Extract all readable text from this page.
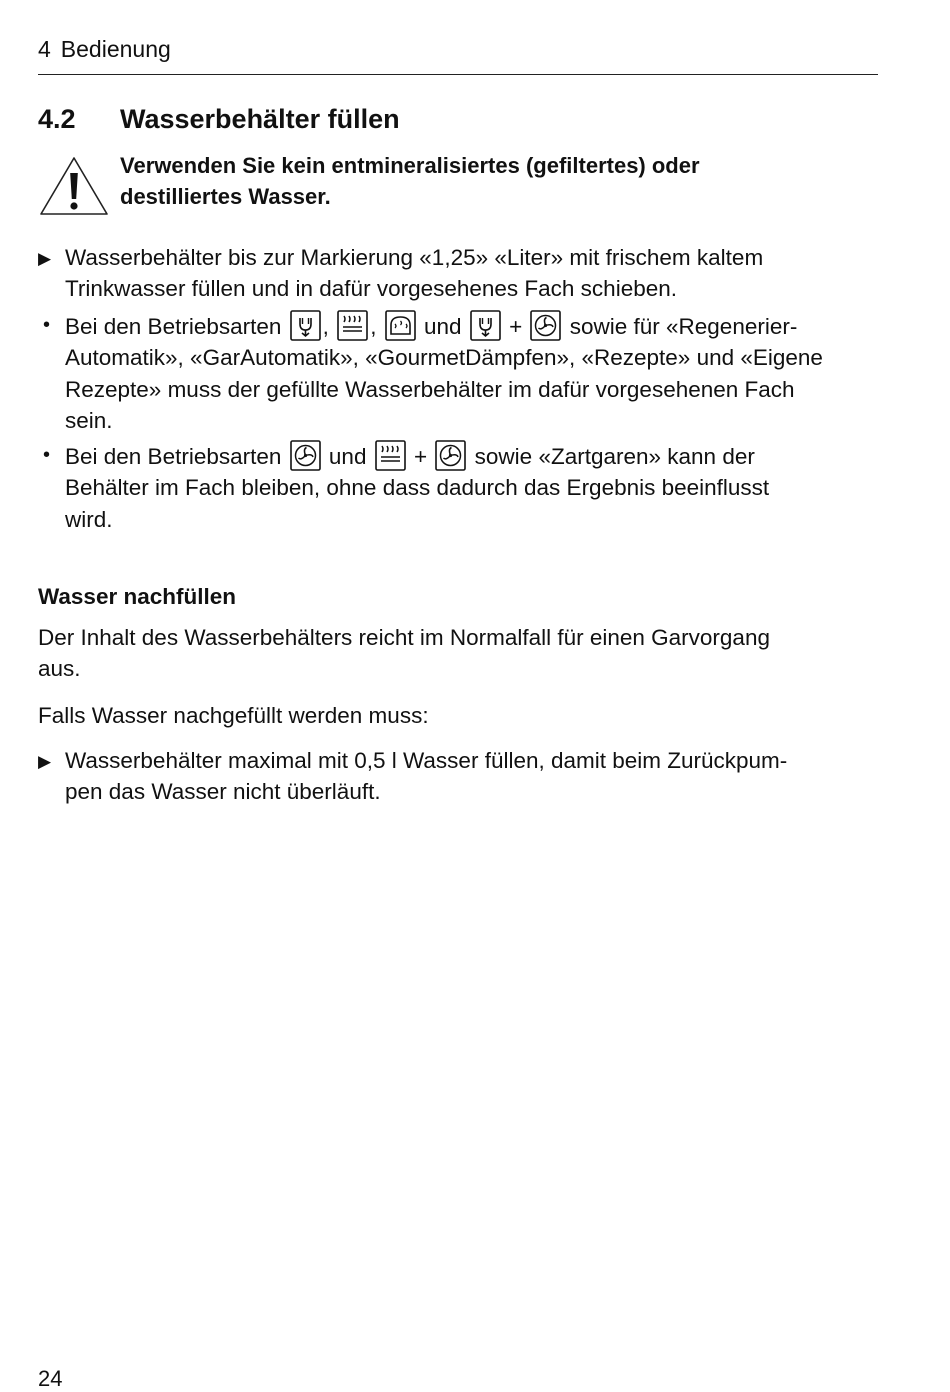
4 Bedienung
4.2 Wasserbehälter füllen
Verwenden Sie kein entmineralisiertes (gefiltertes) oder
destilliertes Wasser.
▶ Wasserbehälter bis zur Markierung «1,25» «Liter» mit frischem kaltem
Trinkwasser füllen und in dafür vorgesehenes Fach schieben.
• Bei den Betriebsarten , , und + sowie für «Regenerier-
Automatik», «GarAutomatik», «GourmetDämpfen», «Rezepte» und «Eigene
Rezepte» muss der gefüllte Wasserbehälter im dafür vorgesehenen Fach
sein.
• Bei den Betriebsarten und + sowie «Zartgaren» kann der
Behälter im Fach bleiben, ohne dass dadurch das Ergebnis beeinflusst
wird.
Wasser nachfüllen
Der Inhalt des Wasserbehälters reicht im Normalfall für einen Garvorgang
aus.
Falls Wasser nachgefüllt werden muss:
▶ Wasserbehälter maximal mit 0,5 l Wasser füllen, damit beim Zurückpum-
pen das Wasser nicht überläuft.
24
